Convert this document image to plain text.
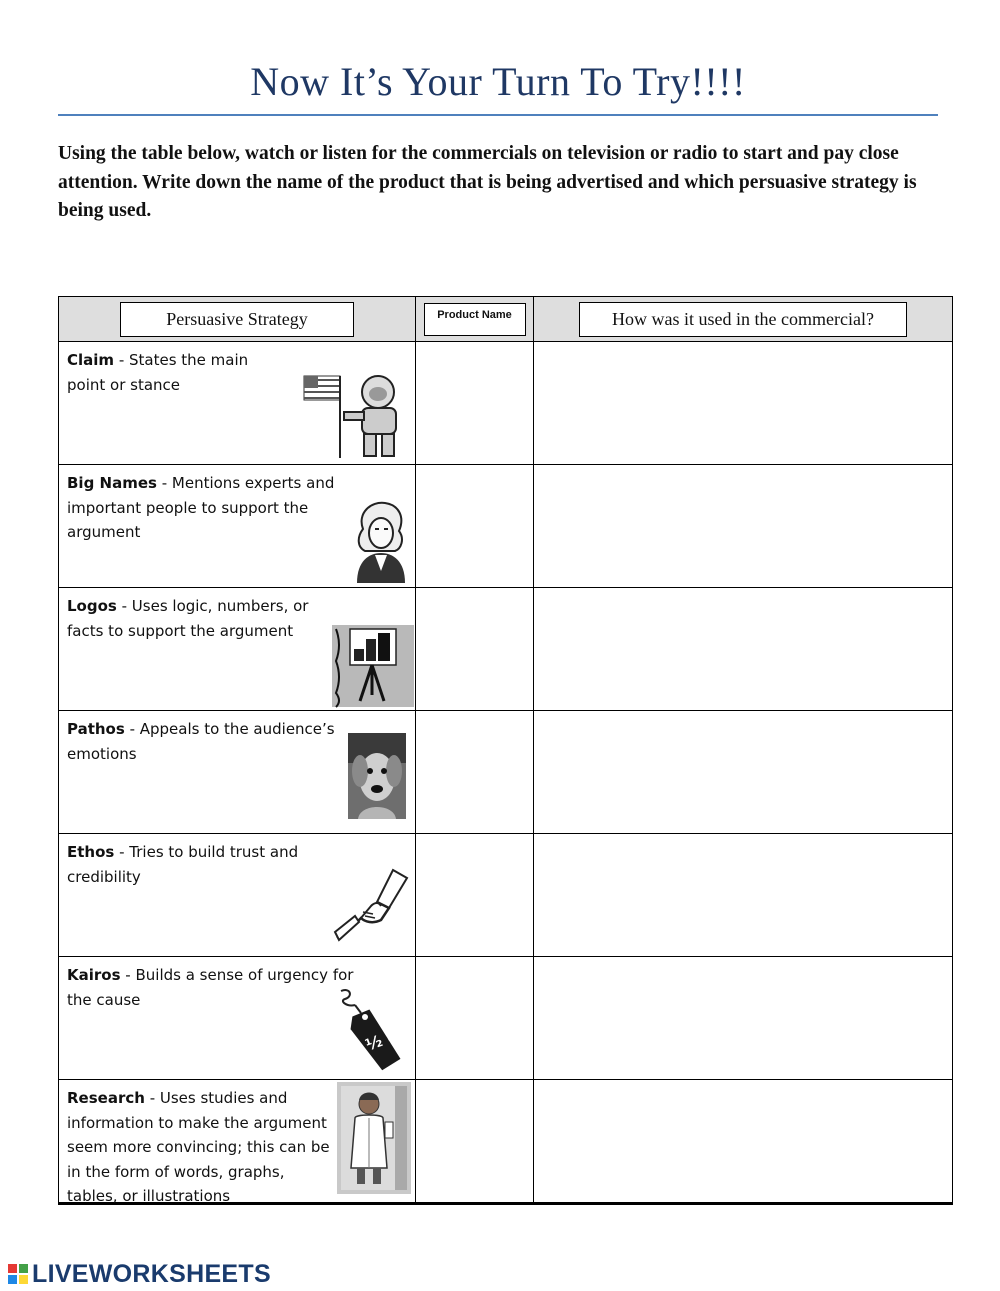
Now It’s Your Turn To Try!!!!
Using the table below, watch or listen for the commercials on television or radio to start and pay close attention. Write down the name of the product that is being advertised and which persuasive strategy is being used.
Persuasive Strategy	Product Name	How was it used in the commercial?

Claim - States the main
point or stance		

Big Names - Mentions experts and important people to support the argument		

Logos - Uses logic, numbers, or facts to support the argument		

Pathos - Appeals to the audience’s emotions		

Ethos - Tries to build trust and credibility		

Kairos - Builds a sense of urgency for the cause
½ off		

Research - Uses studies and information to make the argument seem more convincing; this can be in the form of words, graphs, tables, or illustrations		

LIVEWORKSHEETS
